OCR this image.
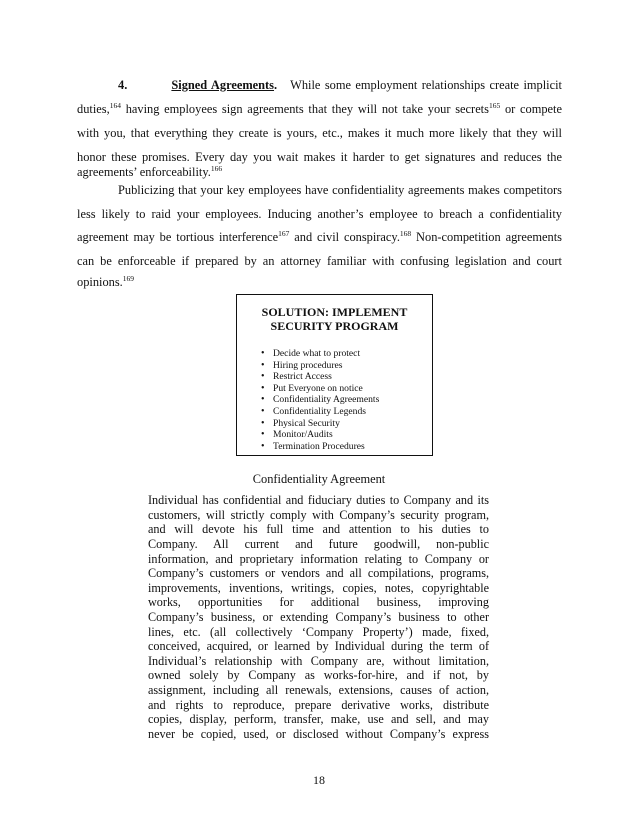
4.	Signed Agreements. While some employment relationships create implicit
duties,$^{164}$ having employees sign agreements that they will not take your secrets$^{165}$ or compete
with you, that everything they create is yours, etc., makes it much more likely that they will
honor these promises. Every day you wait makes it harder to get signatures and reduces the
agreements’ enforceability.$^{166}$
Publicizing that your key employees have confidentiality agreements makes competitors
less likely to raid your employees. Inducing another’s employee to breach a confidentiality
agreement may be tortious interference$^{167}$ and civil conspiracy.$^{168}$ Non-competition agreements
can be enforceable if prepared by an attorney familiar with confusing legislation and court
opinions.$^{169}$
SOLUTION: IMPLEMENT
SECURITY PROGRAM
• Decide what to protect
• Hiring procedures
• Restrict Access
• Put Everyone on notice
• Confidentiality Agreements
• Confidentiality Legends
• Physical Security
• Monitor/Audits
• Termination Procedures
Confidentiality Agreement
Individual has confidential and fiduciary duties to Company and its
customers, will strictly comply with Company’s security program,
and will devote his full time and attention to his duties to
Company. All current and future goodwill, non-public
information, and proprietary information relating to Company or
Company’s customers or vendors and all compilations, programs,
improvements, inventions, writings, copies, notes, copyrightable
works, opportunities for additional business, improving
Company’s business, or extending Company’s business to other
lines, etc. (all collectively ‘Company Property’) made, fixed,
conceived, acquired, or learned by Individual during the term of
Individual’s relationship with Company are, without limitation,
owned solely by Company as works-for-hire, and if not, by
assignment, including all renewals, extensions, causes of action,
and rights to reproduce, prepare derivative works, distribute
copies, display, perform, transfer, make, use and sell, and may
never be copied, used, or disclosed without Company’s express
18
